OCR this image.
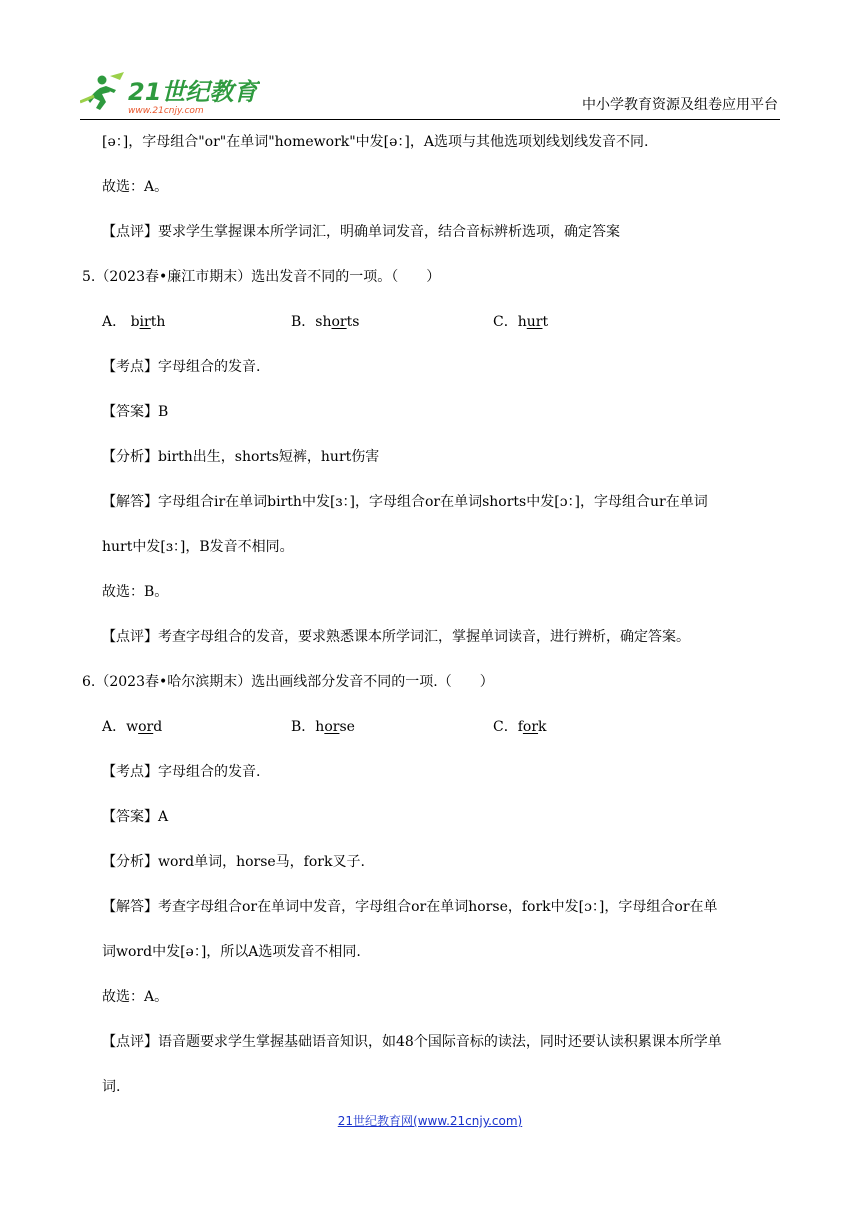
21世纪教育
www.21cnjy.com	中小学教育资源及组卷应用平台
[ə：]，字母组合"or"在单词"homework"中发[ə：]，A选项与其他选项划线划线发音不同.
故选：A。
【点评】要求学生掌握课本所学词汇，明确单词发音，结合音标辨析选项，确定答案
5.（2023春•廉江市期末）选出发音不同的一项。（　　）
A． birth	B．shorts	C．hurt
【考点】字母组合的发音.
【答案】B
【分析】birth出生，shorts短裤，hurt伤害
【解答】字母组合ir在单词birth中发[ɜ：]，字母组合or在单词shorts中发[ɔ：]，字母组合ur在单词
hurt中发[ɜ：]，B发音不相同。
故选：B。
【点评】考查字母组合的发音，要求熟悉课本所学词汇，掌握单词读音，进行辨析，确定答案。
6.（2023春•哈尔滨期末）选出画线部分发音不同的一项.（　　）
A．word	B．horse	C．fork
【考点】字母组合的发音.
【答案】A
【分析】word单词，horse马，fork叉子.
【解答】考查字母组合or在单词中发音，字母组合or在单词horse，fork中发[ɔ：]，字母组合or在单
词word中发[ə：]，所以A选项发音不相同.
故选：A。
【点评】语音题要求学生掌握基础语音知识，如48个国际音标的读法，同时还要认读积累课本所学单
词.
21世纪教育网(www.21cnjy.com)
